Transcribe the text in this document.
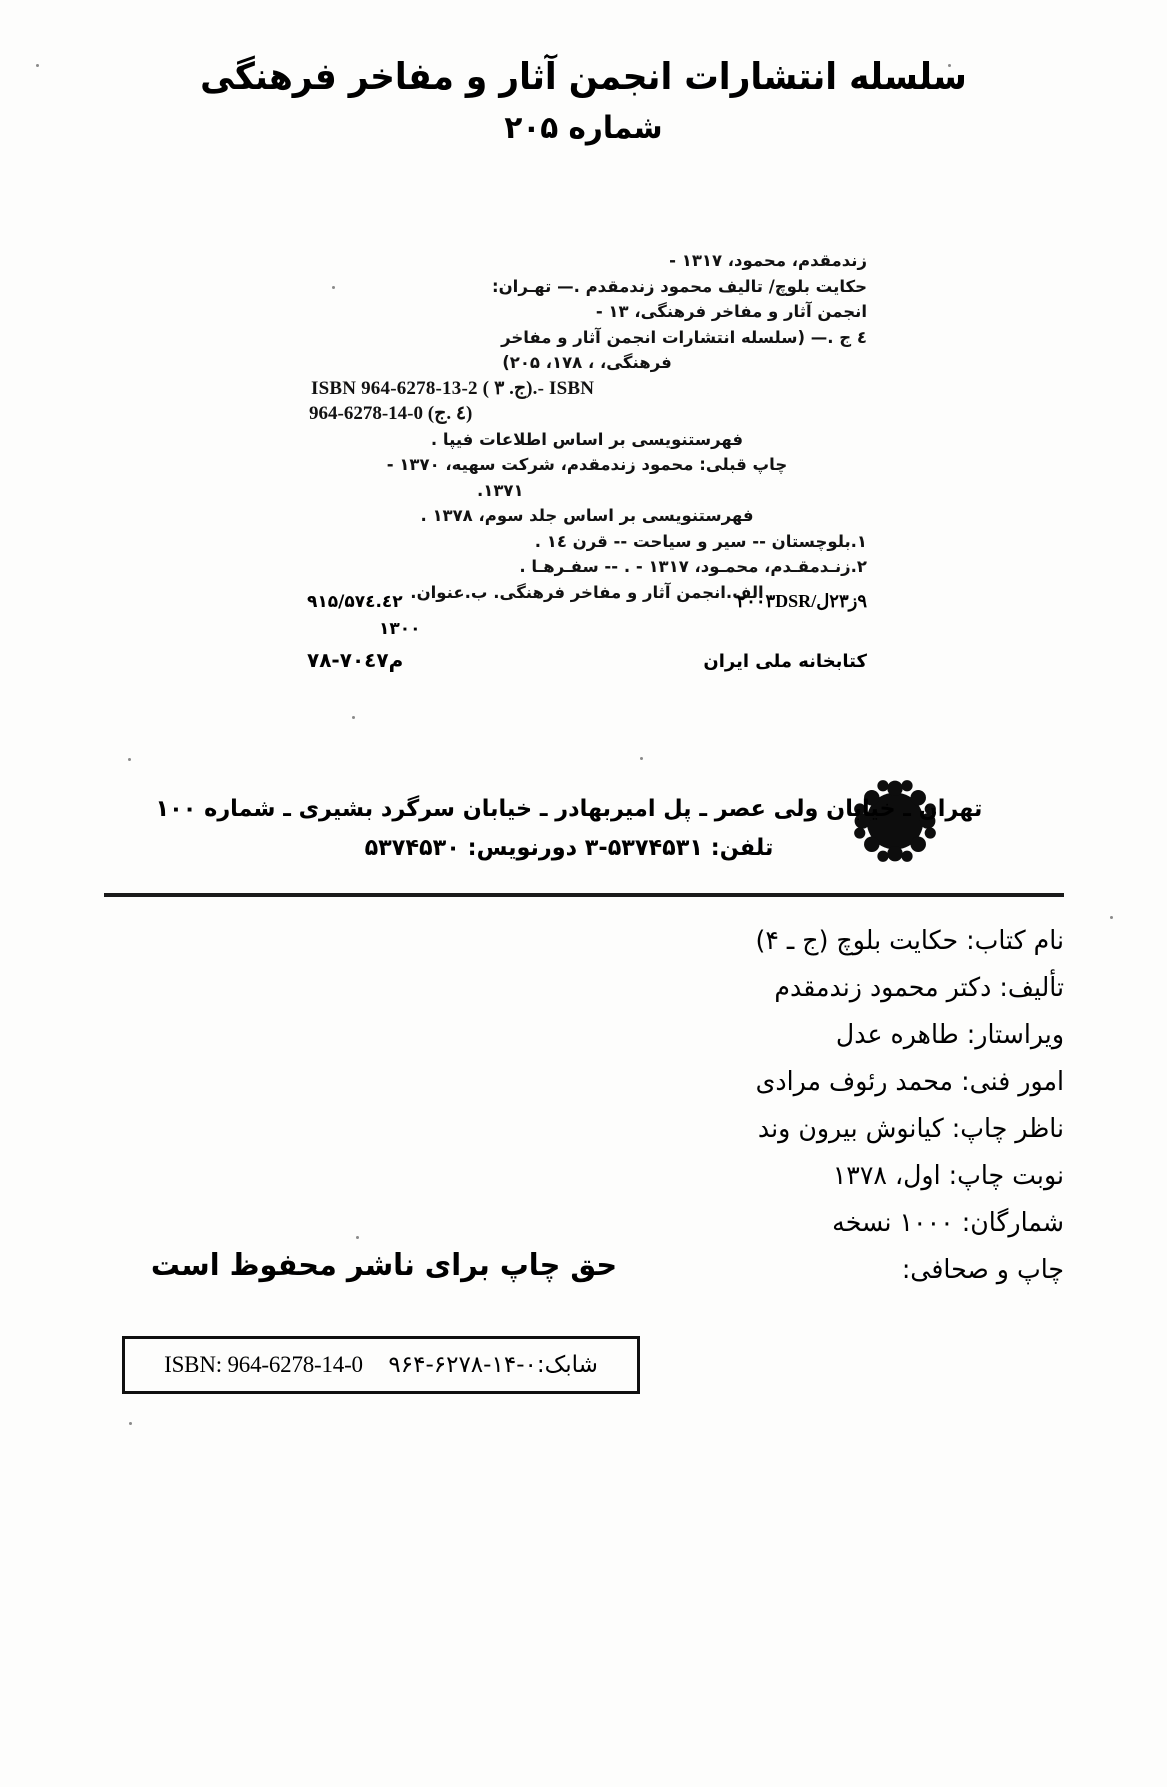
سلسله انتشارات انجمن آثار و مفاخر فرهنگی
شماره ۲۰۵
زندمقدم، محمود، ۱۳۱۷ -
حکایت بلوچ/ تالیف محمود زندمقدم .— تهـران:
انجمن آثار و مفاخر فرهنگی، ۱۳ -
٤ ج .— (سلسله انتشارات انجمن آثار و مفاخر
فرهنگی، ، ۱۷۸، ۲۰۵)
ISBN 964-6278-13-2 ( ۳ .ج).‎- ISBN
964-6278-14-0 (٤ .ج)
فهرستنویسی بر اساس اطلاعات فیپا .
چاپ قبلی: محمود زندمقدم، شرکت سهیه، ۱۳۷۰ -
۱۳۷۱.
فهرستنویسی بر اساس جلد سوم، ۱۳۷۸ .
۱.بلوچستان -- سیر و سیاحت -- قرن ۱٤ .
۲.زنـدمقـدم، محمـود، ۱۳۱۷ - . -- سفـرهـا .
الف.انجمن آثار و مفاخر فرهنگی. ب.عنوان.
۹ز۲۳ل/۲۰۰۳DSR
۹۱۵/۵۷٤.٤۲
۱۳۰۰
کتابخانه ملی ایران
م۷۰٤۷-۷۸
تهران ـ خیابان ولی عصر ـ پل امیربهادر ـ خیابان سرگرد بشیری ـ شماره ۱۰۰
تلفن: ۵۳۷۴۵۳۱-۳ دورنویس: ۵۳۷۴۵۳۰
نام کتاب: حکایت بلوچ (ج ـ ۴)
تألیف: دکتر محمود زندمقدم
ویراستار: طاهره عدل
امور فنی: محمد رئوف مرادی
ناظر چاپ: کیانوش بیرون وند
نوبت چاپ: اول، ۱۳۷۸
شمارگان: ۱۰۰۰ نسخه
چاپ و صحافی:
حق چاپ برای ناشر محفوظ است
شابک:۰-۱۴-۶۲۷۸-۹۶۴  ISBN: 964-6278-14-0
